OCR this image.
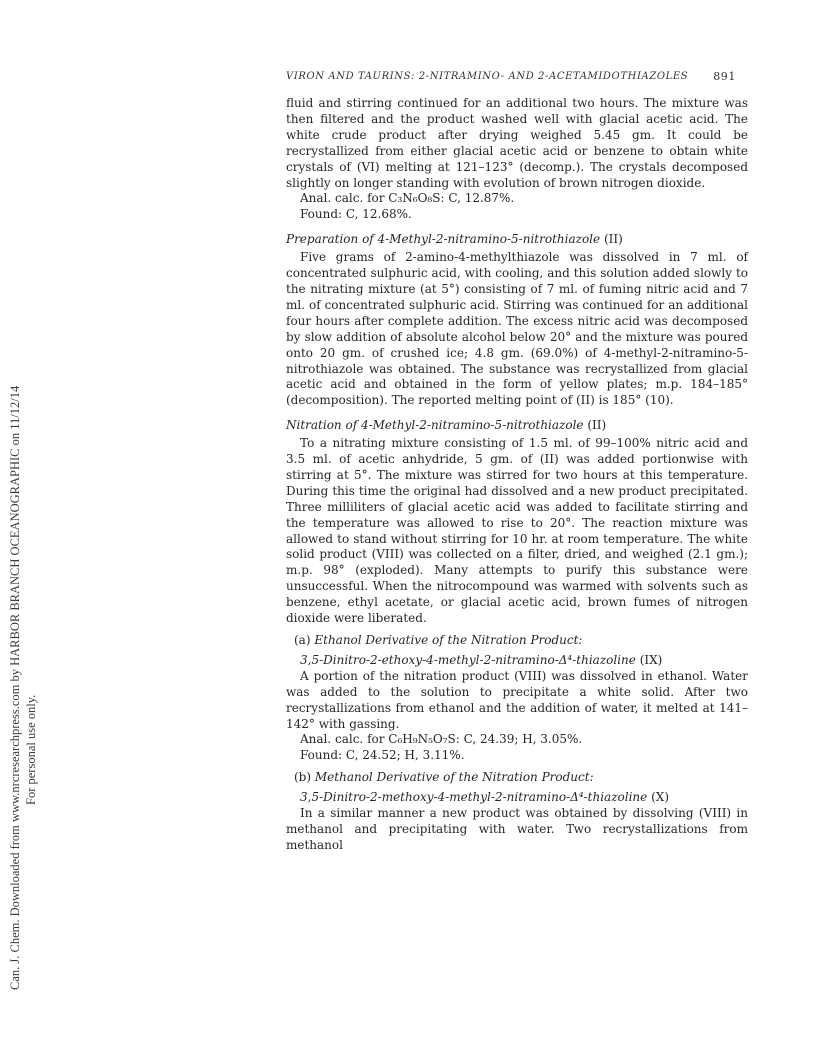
Can. J. Chem. Downloaded from www.nrcresearchpress.com by HARBOR BRANCH OCEANOGRAPHIC on 11/12/14 For personal use only.
VIRON AND TAURINS: 2-NITRAMINO- AND 2-ACETAMIDOTHIAZOLES 891

fluid and stirring continued for an additional two hours. The mixture was then filtered and the product washed well with glacial acetic acid. The white crude product after drying weighed 5.45 gm. It could be recrystallized from either glacial acetic acid or benzene to obtain white crystals of (VI) melting at 121–123° (decomp.). The crystals decomposed slightly on longer standing with evolution of brown nitrogen dioxide.

Anal. calc. for C₃N₆O₈S: C, 12.87%.

Found: C, 12.68%.

Preparation of 4-Methyl-2-nitramino-5-nitrothiazole (II)

Five grams of 2-amino-4-methylthiazole was dissolved in 7 ml. of concentrated sulphuric acid, with cooling, and this solution added slowly to the nitrating mixture (at 5°) consisting of 7 ml. of fuming nitric acid and 7 ml. of concentrated sulphuric acid. Stirring was continued for an additional four hours after complete addition. The excess nitric acid was decomposed by slow addition of absolute alcohol below 20° and the mixture was poured onto 20 gm. of crushed ice; 4.8 gm. (69.0%) of 4-methyl-2-nitramino-5-nitrothiazole was obtained. The substance was recrystallized from glacial acetic acid and obtained in the form of yellow plates; m.p. 184–185° (decomposition). The reported melting point of (II) is 185° (10).

Nitration of 4-Methyl-2-nitramino-5-nitrothiazole (II)

To a nitrating mixture consisting of 1.5 ml. of 99–100% nitric acid and 3.5 ml. of acetic anhydride, 5 gm. of (II) was added portionwise with stirring at 5°. The mixture was stirred for two hours at this temperature. During this time the original had dissolved and a new product precipitated. Three milliliters of glacial acetic acid was added to facilitate stirring and the temperature was allowed to rise to 20°. The reaction mixture was allowed to stand without stirring for 10 hr. at room temperature. The white solid product (VIII) was collected on a filter, dried, and weighed (2.1 gm.); m.p. 98° (exploded). Many attempts to purify this substance were unsuccessful. When the nitrocompound was warmed with solvents such as benzene, ethyl acetate, or glacial acetic acid, brown fumes of nitrogen dioxide were liberated.

(a) Ethanol Derivative of the Nitration Product:

3,5-Dinitro-2-ethoxy-4-methyl-2-nitramino-Δ⁴-thiazoline (IX)

A portion of the nitration product (VIII) was dissolved in ethanol. Water was added to the solution to precipitate a white solid. After two recrystallizations from ethanol and the addition of water, it melted at 141–142° with gassing.

Anal. calc. for C₆H₉N₅O₇S: C, 24.39; H, 3.05%.

Found: C, 24.52; H, 3.11%.

(b) Methanol Derivative of the Nitration Product:

3,5-Dinitro-2-methoxy-4-methyl-2-nitramino-Δ⁴-thiazoline (X)

In a similar manner a new product was obtained by dissolving (VIII) in methanol and precipitating with water. Two recrystallizations from methanol
